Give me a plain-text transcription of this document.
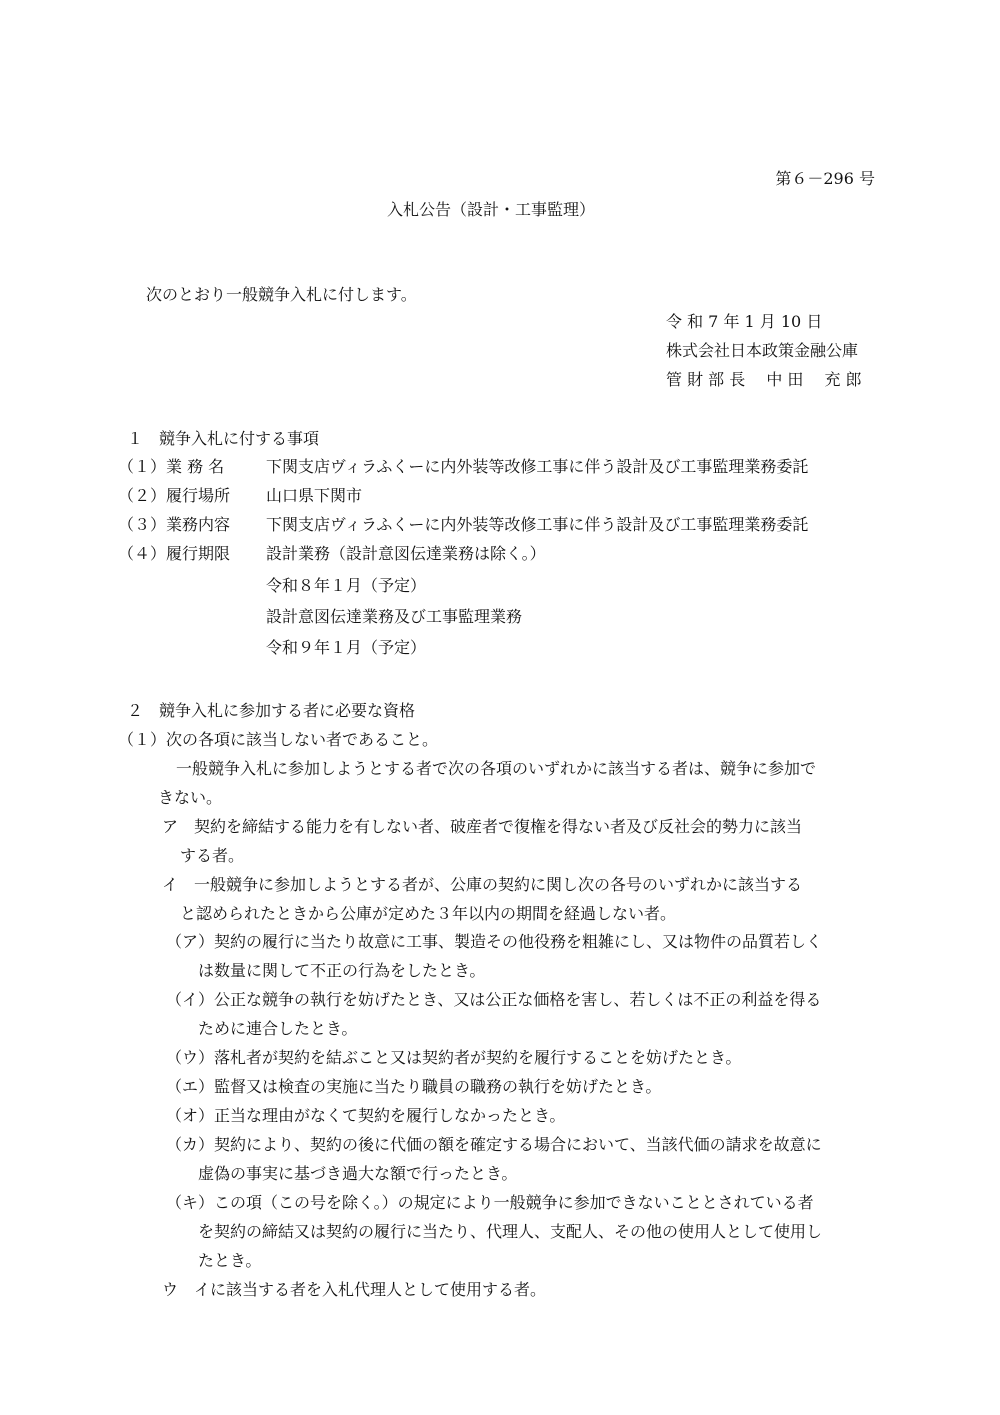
第６－296 号
入札公告（設計・工事監理）
次のとおり一般競争入札に付します。
令 和 7 年 1 月 10 日
株式会社日本政策金融公庫
管 財 部 長　 中 田　 充 郎
１　競争入札に付する事項
（１）業 務 名	下関支店ヴィラふくーに内外装等改修工事に伴う設計及び工事監理業務委託
（２）履行場所 山口県下関市
（３）業務内容 下関支店ヴィラふくーに内外装等改修工事に伴う設計及び工事監理業務委託
（４）履行期限 設計業務（設計意図伝達業務は除く。）
令和８年１月（予定）
設計意図伝達業務及び工事監理業務
令和９年１月（予定）
２　競争入札に参加する者に必要な資格
（１）次の各項に該当しない者であること。
一般競争入札に参加しようとする者で次の各項のいずれかに該当する者は、競争に参加で
きない。
ア　契約を締結する能力を有しない者、破産者で復権を得ない者及び反社会的勢力に該当
する者。
イ　一般競争に参加しようとする者が、公庫の契約に関し次の各号のいずれかに該当する
と認められたときから公庫が定めた３年以内の期間を経過しない者。
（ア）契約の履行に当たり故意に工事、製造その他役務を粗雑にし、又は物件の品質若しく
は数量に関して不正の行為をしたとき。
（イ）公正な競争の執行を妨げたとき、又は公正な価格を害し、若しくは不正の利益を得る
ために連合したとき。
（ウ）落札者が契約を結ぶこと又は契約者が契約を履行することを妨げたとき。
（エ）監督又は検査の実施に当たり職員の職務の執行を妨げたとき。
（オ）正当な理由がなくて契約を履行しなかったとき。
（カ）契約により、契約の後に代価の額を確定する場合において、当該代価の請求を故意に
虚偽の事実に基づき過大な額で行ったとき。
（キ）この項（この号を除く。）の規定により一般競争に参加できないこととされている者
を契約の締結又は契約の履行に当たり、代理人、支配人、その他の使用人として使用し
たとき。
ウ　イに該当する者を入札代理人として使用する者。
